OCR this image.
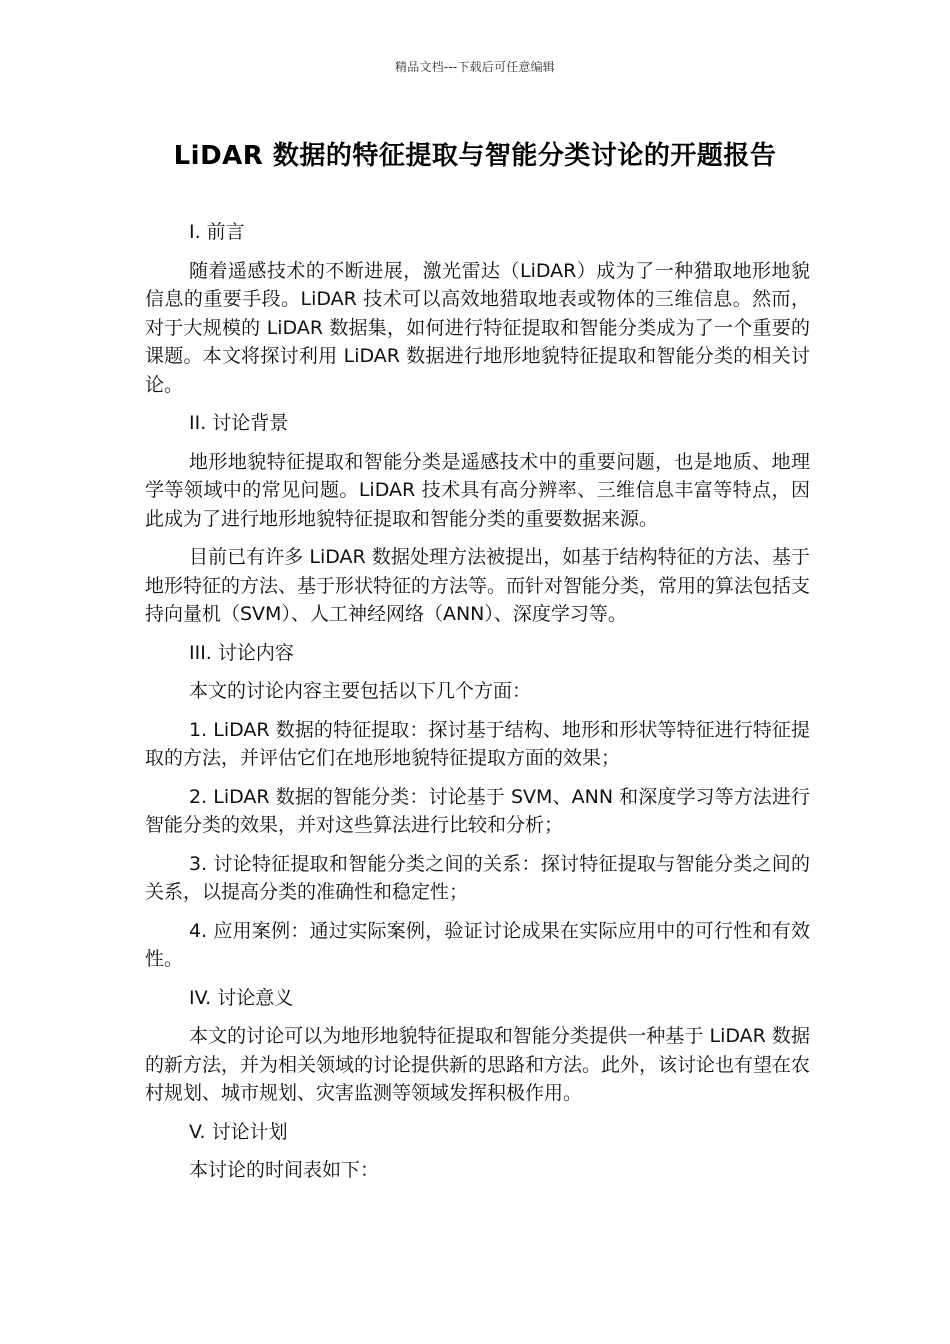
精品文档---下载后可任意编辑
LiDAR 数据的特征提取与智能分类讨论的开题报告
I. 前言
随着遥感技术的不断进展，激光雷达（LiDAR）成为了一种猎取地形地貌信息的重要手段。LiDAR 技术可以高效地猎取地表或物体的三维信息。然而，对于大规模的 LiDAR 数据集，如何进行特征提取和智能分类成为了一个重要的课题。本文将探讨利用 LiDAR 数据进行地形地貌特征提取和智能分类的相关讨论。
II. 讨论背景
地形地貌特征提取和智能分类是遥感技术中的重要问题，也是地质、地理学等领域中的常见问题。LiDAR 技术具有高分辨率、三维信息丰富等特点，因此成为了进行地形地貌特征提取和智能分类的重要数据来源。
目前已有许多 LiDAR 数据处理方法被提出，如基于结构特征的方法、基于地形特征的方法、基于形状特征的方法等。而针对智能分类，常用的算法包括支持向量机（SVM）、人工神经网络（ANN）、深度学习等。
III. 讨论内容
本文的讨论内容主要包括以下几个方面：
1. LiDAR 数据的特征提取：探讨基于结构、地形和形状等特征进行特征提取的方法，并评估它们在地形地貌特征提取方面的效果；
2. LiDAR 数据的智能分类：讨论基于 SVM、ANN 和深度学习等方法进行智能分类的效果，并对这些算法进行比较和分析；
3. 讨论特征提取和智能分类之间的关系：探讨特征提取与智能分类之间的关系，以提高分类的准确性和稳定性；
4. 应用案例：通过实际案例，验证讨论成果在实际应用中的可行性和有效性。
IV. 讨论意义
本文的讨论可以为地形地貌特征提取和智能分类提供一种基于 LiDAR 数据的新方法，并为相关领域的讨论提供新的思路和方法。此外，该讨论也有望在农村规划、城市规划、灾害监测等领域发挥积极作用。
V. 讨论计划
本讨论的时间表如下：
